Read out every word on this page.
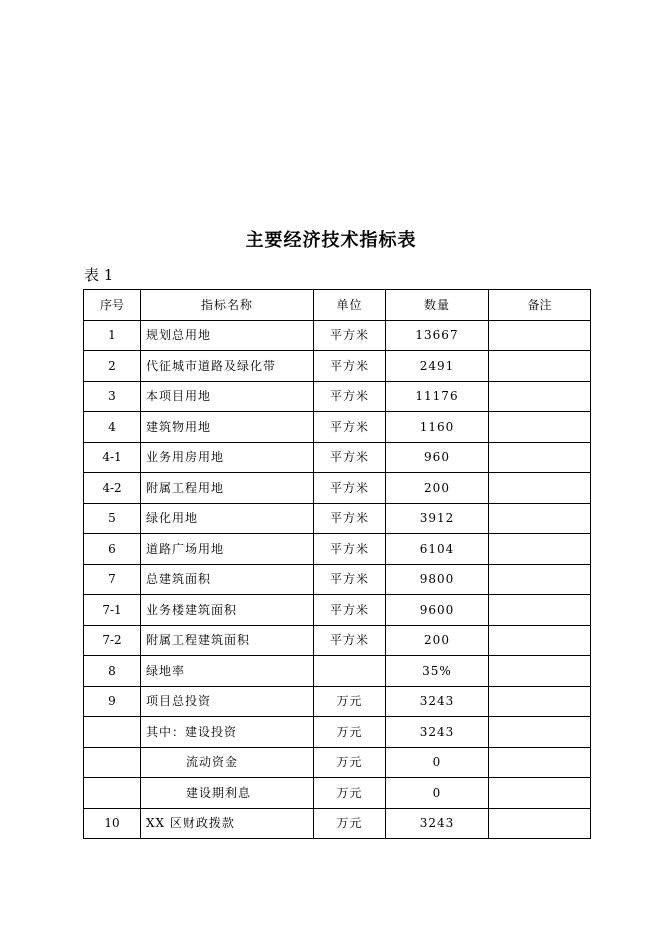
主要经济技术指标表
表 1
序号	指标名称	单位	数量	备注
1	规划总用地	平方米	13667	
2	代征城市道路及绿化带	平方米	2491	
3	本项目用地	平方米	11176	
4	建筑物用地	平方米	1160	
4-1	业务用房用地	平方米	960	
4-2	附属工程用地	平方米	200	
5	绿化用地	平方米	3912	
6	道路广场用地	平方米	6104	
7	总建筑面积	平方米	9800	
7-1	业务楼建筑面积	平方米	9600	
7-2	附属工程建筑面积	平方米	200	
8	绿地率		35%	
9	项目总投资	万元	3243	
	其中：建设投资	万元	3243	
	流动资金	万元	0	
	建设期利息	万元	0	
10	XX 区财政拨款	万元	3243	
